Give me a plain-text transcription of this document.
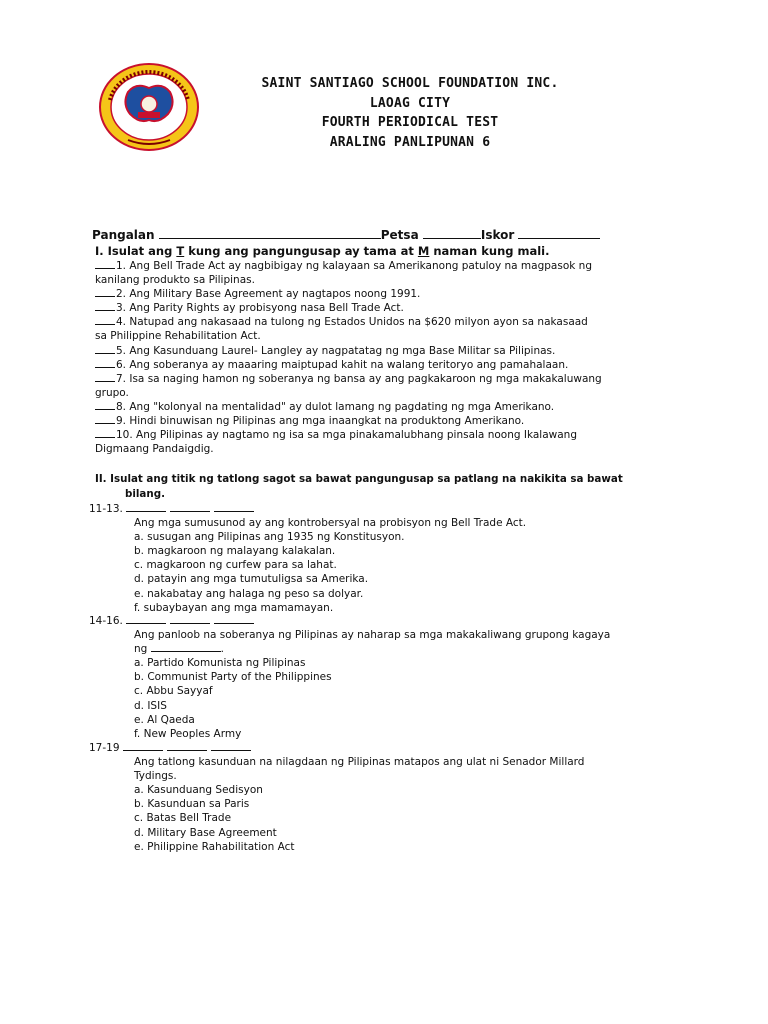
SAINT SANTIAGO SCHOOL FOUNDATION INC.
LAOAG CITY
FOURTH PERIODICAL TEST
ARALING PANLIPUNAN 6
Pangalan	Petsa	Iskor
I. Isulat ang T kung ang pangungusap ay tama at M naman kung mali.
1. Ang Bell Trade Act ay nagbibigay ng kalayaan sa Amerikanong patuloy na magpasok ng
kanilang produkto sa Pilipinas.
2. Ang Military Base Agreement ay nagtapos noong 1991.
3. Ang Parity Rights ay probisyong nasa Bell Trade Act.
4. Natupad ang nakasaad na tulong ng Estados Unidos na $620 milyon ayon sa nakasaad
sa Philippine Rehabilitation Act.
5. Ang Kasunduang Laurel- Langley ay nagpatatag ng mga Base Militar sa Pilipinas.
6. Ang soberanya ay maaaring maiptupad kahit na walang teritoryo ang pamahalaan.
7. Isa sa naging hamon ng soberanya ng bansa ay ang pagkakaroon ng mga makakaluwang
grupo.
8. Ang "kolonyal na mentalidad" ay dulot lamang ng pagdating ng mga Amerikano.
9. Hindi binuwisan ng Pilipinas ang mga inaangkat na produktong Amerikano.
10. Ang Pilipinas ay nagtamo ng isa sa mga pinakamalubhang pinsala noong Ikalawang
Digmaang Pandaigdig.
II. Isulat ang titik ng tatlong sagot sa bawat pangungusap sa patlang na nakikita sa bawat
bilang.
11-13.
Ang mga sumusunod ay ang kontrobersyal na probisyon ng Bell Trade Act.
a. susugan ang Pilipinas ang 1935 ng Konstitusyon.
b. magkaroon ng malayang kalakalan.
c. magkaroon ng curfew para sa lahat.
d. patayin ang mga tumutuligsa sa Amerika.
e. nakabatay ang halaga ng peso sa dolyar.
f. subaybayan ang mga mamamayan.
14-16.
Ang panloob na soberanya ng Pilipinas ay naharap sa mga makakaliwang grupong kagaya
ng	.
a. Partido Komunista ng Pilipinas
b. Communist Party of the Philippines
c. Abbu Sayyaf
d. ISIS
e. Al Qaeda
f. New Peoples Army
17-19
Ang tatlong kasunduan na nilagdaan ng Pilipinas matapos ang ulat ni Senador Millard
Tydings.
a. Kasunduang Sedisyon
b. Kasunduan sa Paris
c. Batas Bell Trade
d. Military Base Agreement
e. Philippine Rahabilitation Act
